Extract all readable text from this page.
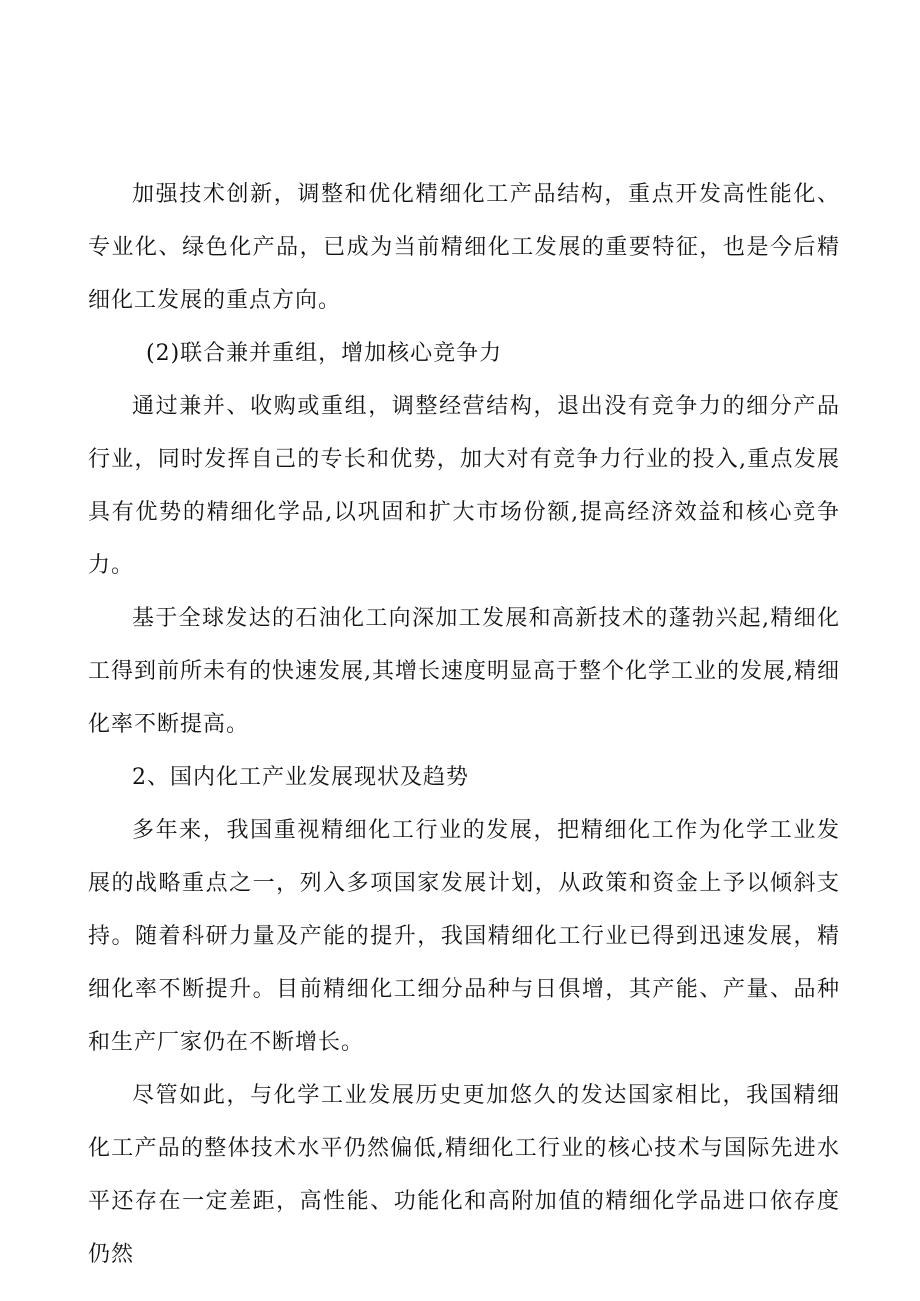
加强技术创新，调整和优化精细化工产品结构，重点开发高性能化、专业化、绿色化产品，已成为当前精细化工发展的重要特征，也是今后精细化工发展的重点方向。

(2)联合兼并重组，增加核心竞争力

通过兼并、收购或重组，调整经营结构，退出没有竞争力的细分产品行业，同时发挥自己的专长和优势，加大对有竞争力行业的投入,重点发展具有优势的精细化学品,以巩固和扩大市场份额,提高经济效益和核心竞争力。

基于全球发达的石油化工向深加工发展和高新技术的蓬勃兴起,精细化工得到前所未有的快速发展,其增长速度明显高于整个化学工业的发展,精细化率不断提高。

2、国内化工产业发展现状及趋势

多年来，我国重视精细化工行业的发展，把精细化工作为化学工业发展的战略重点之一，列入多项国家发展计划，从政策和资金上予以倾斜支持。随着科研力量及产能的提升，我国精细化工行业已得到迅速发展，精细化率不断提升。目前精细化工细分品种与日俱增，其产能、产量、品种和生产厂家仍在不断增长。

尽管如此，与化学工业发展历史更加悠久的发达国家相比，我国精细化工产品的整体技术水平仍然偏低,精细化工行业的核心技术与国际先进水平还存在一定差距，高性能、功能化和高附加值的精细化学品进口依存度仍然
